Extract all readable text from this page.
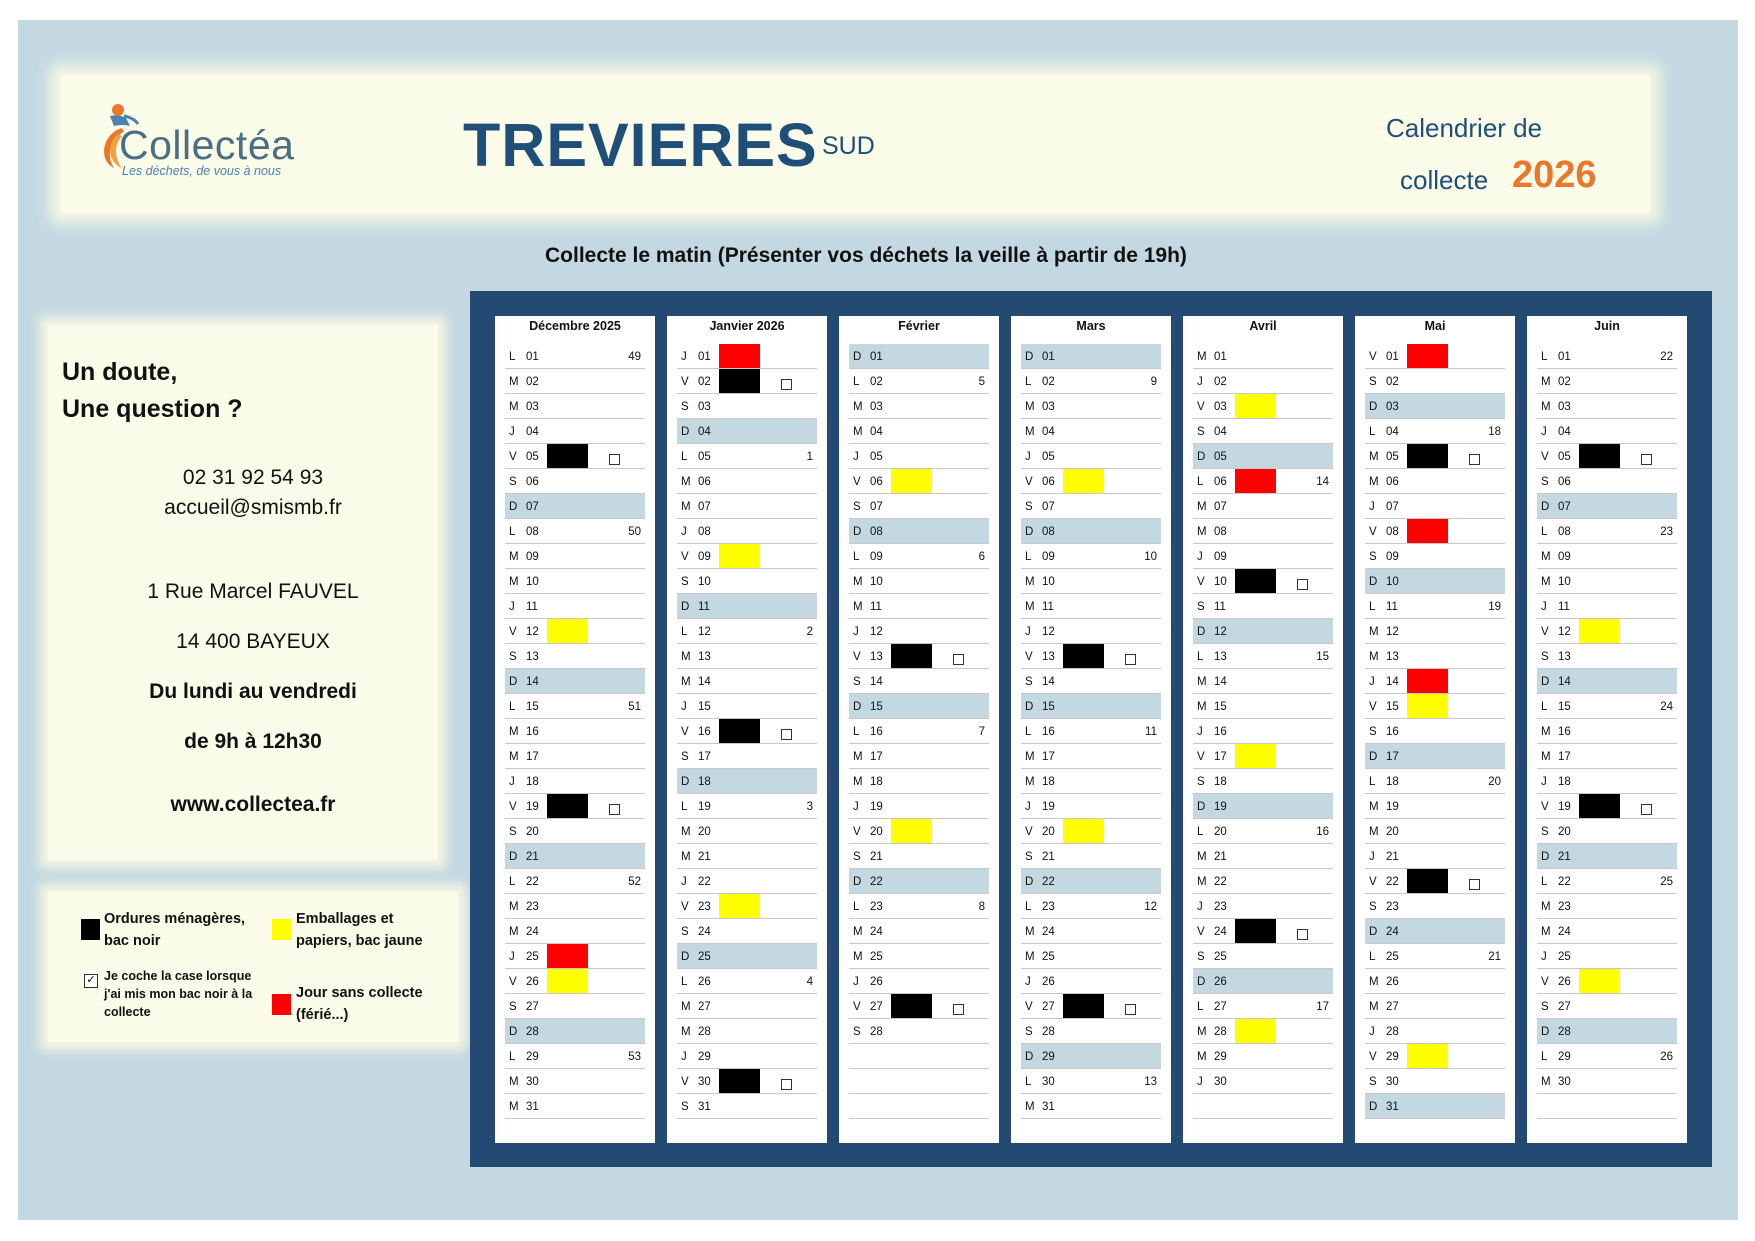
Collectéa
Les déchets, de vous à nous	TREVIERES SUD
Calendrier de
collecte 2026
Collecte le matin (Présenter vos déchets la veille à partir de 19h)
Un doute,
Une question ?
02 31 92 54 93
accueil@smismb.fr
1 Rue Marcel FAUVEL
14 400 BAYEUX
Du lundi au vendredi
de 9h à 12h30
www.collectea.fr
Ordures ménagères,
bac noir
Emballages et
papiers, bac jaune
✓ Je coche la case lorsque
j'ai mis mon bac noir à la
collecte
Jour sans collecte
(férié...)
Décembre 2025
L 01	49
M 02
M 03
J 04
V 05
S 06
D 07
L 08	50
M 09
M 10
J 11
V 12
S 13
D 14
L 15	51
M 16
M 17
J 18
V 19
S 20
D 21
L 22	52
M 23
M 24
J 25
V 26
S 27
D 28
L 29	53
M 30
M 31
Janvier 2026
J 01
V 02
S 03
D 04
L 05	1
M 06
M 07
J 08
V 09
S 10
D 11
L 12	2
M 13
M 14
J 15
V 16
S 17
D 18
L 19	3
M 20
M 21
J 22
V 23
S 24
D 25
L 26	4
M 27
M 28
J 29
V 30
S 31
Février
D 01
L 02	5
M 03
M 04
J 05
V 06
S 07
D 08
L 09	6
M 10
M 11
J 12
V 13
S 14
D 15
L 16	7
M 17
M 18
J 19
V 20
S 21
D 22
L 23	8
M 24
M 25
J 26
V 27
S 28
Mars
D 01
L 02	9
M 03
M 04
J 05
V 06
S 07
D 08
L 09	10
M 10
M 11
J 12
V 13
S 14
D 15
L 16	11
M 17
M 18
J 19
V 20
S 21
D 22
L 23	12
M 24
M 25
J 26
V 27
S 28
D 29
L 30	13
M 31
Avril
M 01
J 02
V 03
S 04
D 05
L 06	14
M 07
M 08
J 09
V 10
S 11
D 12
L 13	15
M 14
M 15
J 16
V 17
S 18
D 19
L 20	16
M 21
M 22
J 23
V 24
S 25
D 26
L 27	17
M 28
M 29
J 30
Mai
V 01
S 02
D 03
L 04	18
M 05
M 06
J 07
V 08
S 09
D 10
L 11	19
M 12
M 13
J 14
V 15
S 16
D 17
L 18	20
M 19
M 20
J 21
V 22
S 23
D 24
L 25	21
M 26
M 27
J 28
V 29
S 30
D 31
Juin
L 01	22
M 02
M 03
J 04
V 05
S 06
D 07
L 08	23
M 09
M 10
J 11
V 12
S 13
D 14
L 15	24
M 16
M 17
J 18
V 19
S 20
D 21
L 22	25
M 23
M 24
J 25
V 26
S 27
D 28
L 29	26
M 30
